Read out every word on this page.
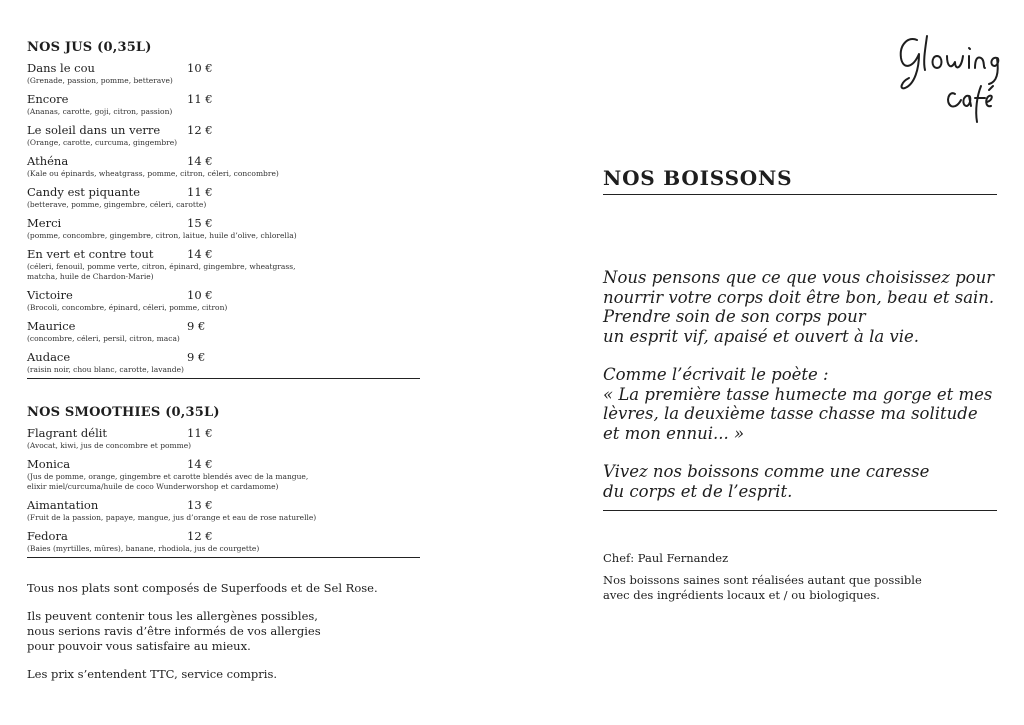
NOS JUS (0,35L)
Dans le cou	10 €
(Grenade, passion, pomme, betterave)
Encore	11 €
(Ananas, carotte, goji, citron, passion)
Le soleil dans un verre	12 €
(Orange, carotte, curcuma, gingembre)
Athéna	14 €
(Kale ou épinards, wheatgrass, pomme, citron, céleri, concombre)
Candy est piquante	11 €
(betterave, pomme, gingembre, céleri, carotte)
Merci	15 €
(pomme, concombre, gingembre, citron, laitue, huile d’olive, chlorella)
En vert et contre tout	14 €
(céleri, fenouil, pomme verte, citron, épinard, gingembre, wheatgrass,
matcha, huile de Chardon-Marie)
Victoire	10 €
(Brocoli, concombre, épinard, céleri, pomme, citron)
Maurice	9 €
(concombre, céleri, persil, citron, maca)
Audace	9 €
(raisin noir, chou blanc, carotte, lavande)
NOS SMOOTHIES (0,35L)
Flagrant délit	11 €
(Avocat, kiwi, jus de concombre et pomme)
Monica	14 €
(Jus de pomme, orange, gingembre et carotte blendés avec de la mangue,
elixir miel/curcuma/huile de coco Wunderworshop et cardamome)
Aimantation	13 €
(Fruit de la passion, papaye, mangue, jus d’orange et eau de rose naturelle)
Fedora	12 €
(Baies (myrtilles, mûres), banane, rhodiola, jus de courgette)

Tous nos plats sont composés de Superfoods et de Sel Rose.

Ils peuvent contenir tous les allergènes possibles,
nous serions ravis d’être informés de vos allergies
pour pouvoir vous satisfaire au mieux.

Les prix s’entendent TTC, service compris.

NOS BOISSONS

Nous pensons que ce que vous choisissez pour
nourrir votre corps doit être bon, beau et sain.
Prendre soin de son corps pour
un esprit vif, apaisé et ouvert à la vie.

Comme l’écrivait le poète :
« La première tasse humecte ma gorge et mes
lèvres, la deuxième tasse chasse ma solitude
et mon ennui... »

Vivez nos boissons comme une caresse
du corps et de l’esprit.

Chef: Paul Fernandez
Nos boissons saines sont réalisées autant que possible
avec des ingrédients locaux et / ou biologiques.
